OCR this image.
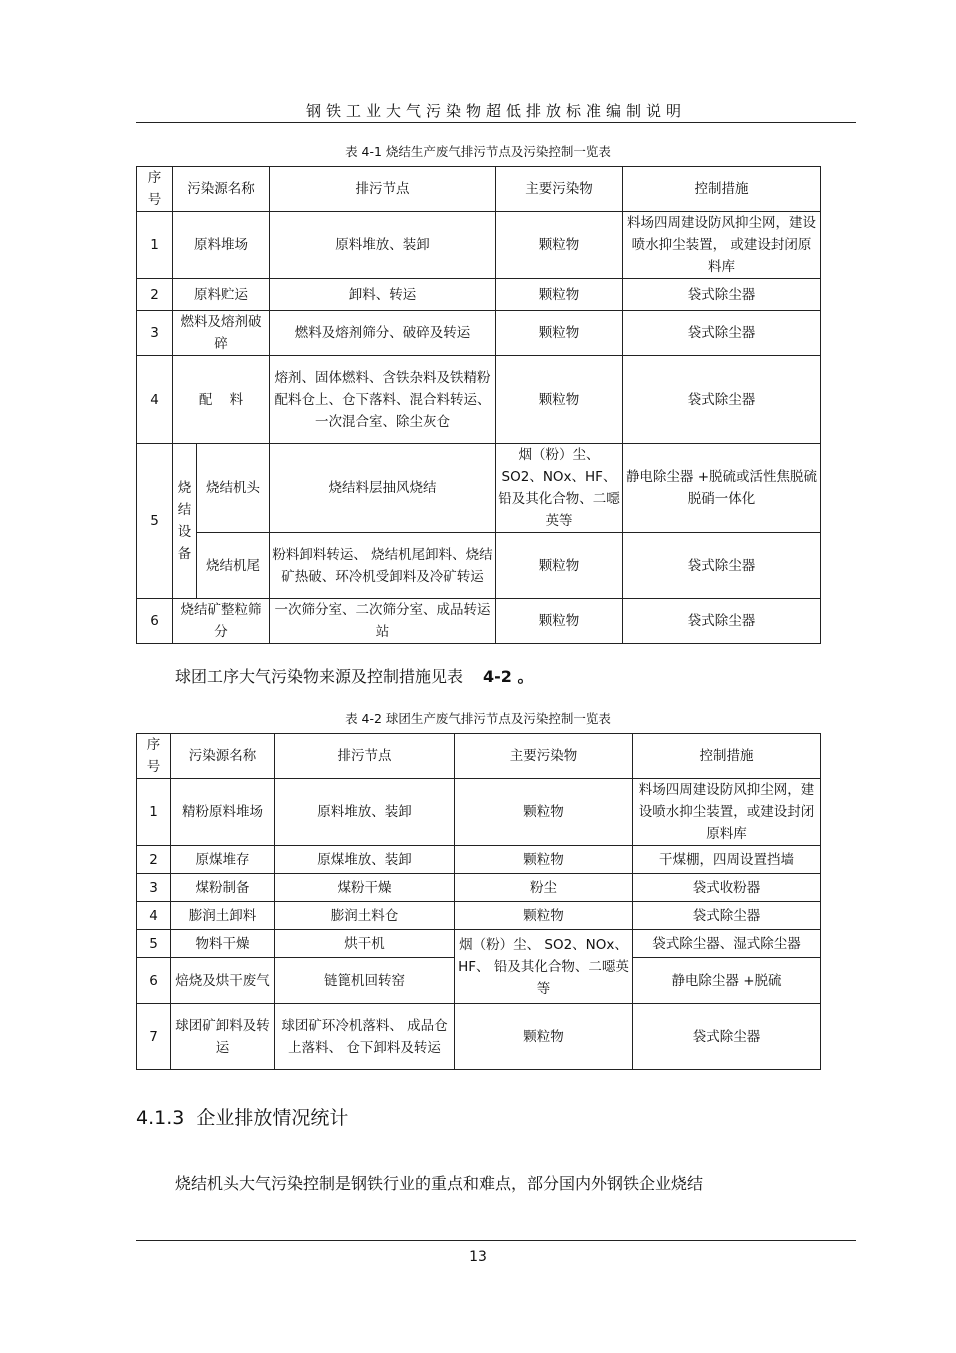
钢铁工业大气污染物超低排放标准编制说明
表 4-1 烧结生产废气排污节点及污染控制一览表
序号	污染源名称		排污节点	主要污染物	控制措施
1	原料堆场		原料堆放、装卸	颗粒物	料场四周建设防风抑尘网，建设喷水抑尘装置， 或建设封闭原料库
2	原料贮运		卸料、转运	颗粒物	袋式除尘器
3	燃料及熔剂破碎		燃料及熔剂筛分、破碎及转运	颗粒物	袋式除尘器
4	配    料		熔剂、固体燃料、含铁杂料及铁精粉配料仓上、仓下落料、混合料转运、一次混合室、除尘灰仓	颗粒物	袋式除尘器
5	烧结设备	烧结机头	烧结料层抽风烧结	烟（粉）尘、SO2、NOx、HF、 铅及其化合物、二噁英等	静电除尘器 +脱硫或活性焦脱硫脱硝一体化
		烧结机尾	粉料卸料转运、 烧结机尾卸料、烧结矿热破、环冷机受卸料及冷矿转运	颗粒物	袋式除尘器
6	烧结矿整粒筛分		一次筛分室、二次筛分室、成品转运站	颗粒物	袋式除尘器
球团工序大气污染物来源及控制措施见表 4-2 。
表 4-2 球团生产废气排污节点及污染控制一览表
序号	污染源名称	排污节点	主要污染物	控制措施
1	精粉原料堆场	原料堆放、装卸	颗粒物	料场四周建设防风抑尘网，建设喷水抑尘装置，或建设封闭原料库
2	原煤堆存	原煤堆放、装卸	颗粒物	干煤棚，四周设置挡墙
3	煤粉制备	煤粉干燥	粉尘	袋式收粉器
4	膨润土卸料	膨润土料仓	颗粒物	袋式除尘器
5	物料干燥	烘干机	烟（粉）尘、 SO2、NOx、HF、 铅及其化合物、二噁英等	袋式除尘器、湿式除尘器
6	焙烧及烘干废气	链篦机回转窑		静电除尘器 +脱硫
7	球团矿卸料及转运	球团矿环冷机落料、 成品仓上落料、 仓下卸料及转运	颗粒物	袋式除尘器
4.1.3 企业排放情况统计
烧结机头大气污染控制是钢铁行业的重点和难点，部分国内外钢铁企业烧结
13
